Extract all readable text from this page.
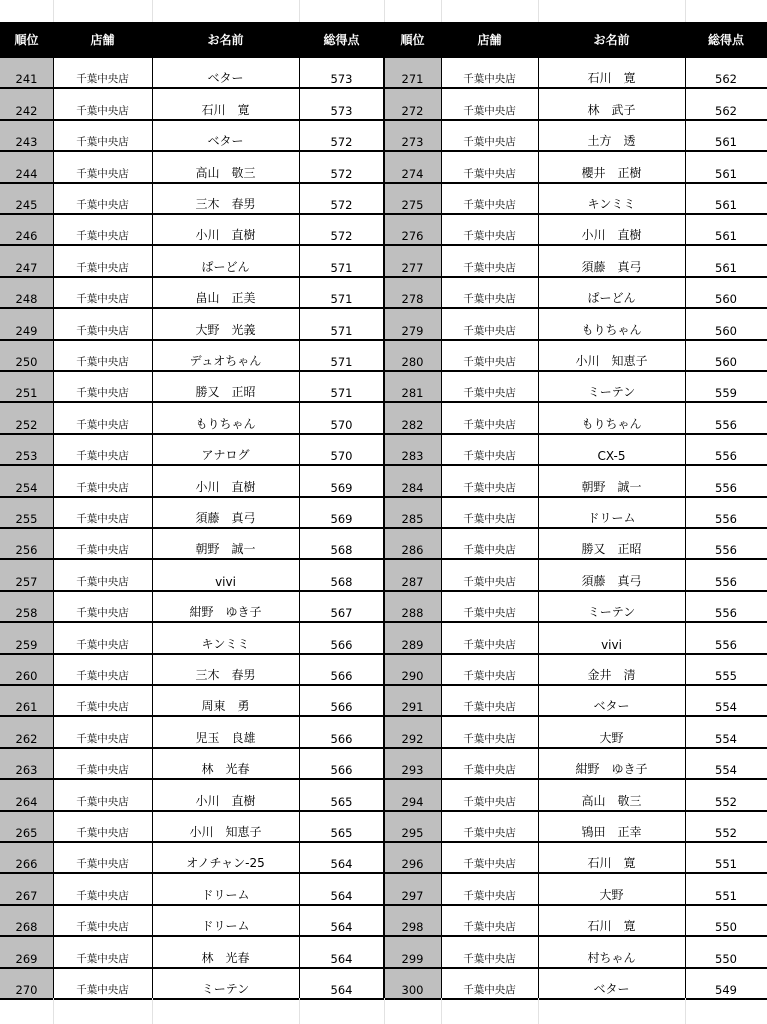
順位	店舗	お名前	総得点	順位	店舗	お名前	総得点
241	千葉中央店	ベター	573	271	千葉中央店	石川　寛	562
242	千葉中央店	石川　寛	573	272	千葉中央店	林　武子	562
243	千葉中央店	ベター	572	273	千葉中央店	土方　透	561
244	千葉中央店	高山　敬三	572	274	千葉中央店	櫻井　正樹	561
245	千葉中央店	三木　春男	572	275	千葉中央店	キンミミ	561
246	千葉中央店	小川　直樹	572	276	千葉中央店	小川　直樹	561
247	千葉中央店	ぱーどん	571	277	千葉中央店	須藤　真弓	561
248	千葉中央店	畠山　正美	571	278	千葉中央店	ぱーどん	560
249	千葉中央店	大野　光義	571	279	千葉中央店	もりちゃん	560
250	千葉中央店	デュオちゃん	571	280	千葉中央店	小川　知恵子	560
251	千葉中央店	勝又　正昭	571	281	千葉中央店	ミーテン	559
252	千葉中央店	もりちゃん	570	282	千葉中央店	もりちゃん	556
253	千葉中央店	アナログ	570	283	千葉中央店	CX-5	556
254	千葉中央店	小川　直樹	569	284	千葉中央店	朝野　誠一	556
255	千葉中央店	須藤　真弓	569	285	千葉中央店	ドリーム	556
256	千葉中央店	朝野　誠一	568	286	千葉中央店	勝又　正昭	556
257	千葉中央店	vivi	568	287	千葉中央店	須藤　真弓	556
258	千葉中央店	紺野　ゆき子	567	288	千葉中央店	ミーテン	556
259	千葉中央店	キンミミ	566	289	千葉中央店	vivi	556
260	千葉中央店	三木　春男	566	290	千葉中央店	金井　清	555
261	千葉中央店	周東　勇	566	291	千葉中央店	ベター	554
262	千葉中央店	児玉　良雄	566	292	千葉中央店	大野	554
263	千葉中央店	林　光春	566	293	千葉中央店	紺野　ゆき子	554
264	千葉中央店	小川　直樹	565	294	千葉中央店	高山　敬三	552
265	千葉中央店	小川　知恵子	565	295	千葉中央店	鴇田　正幸	552
266	千葉中央店	オノチャン-25	564	296	千葉中央店	石川　寛	551
267	千葉中央店	ドリーム	564	297	千葉中央店	大野	551
268	千葉中央店	ドリーム	564	298	千葉中央店	石川　寛	550
269	千葉中央店	林　光春	564	299	千葉中央店	村ちゃん	550
270	千葉中央店	ミーテン	564	300	千葉中央店	ベター	549
